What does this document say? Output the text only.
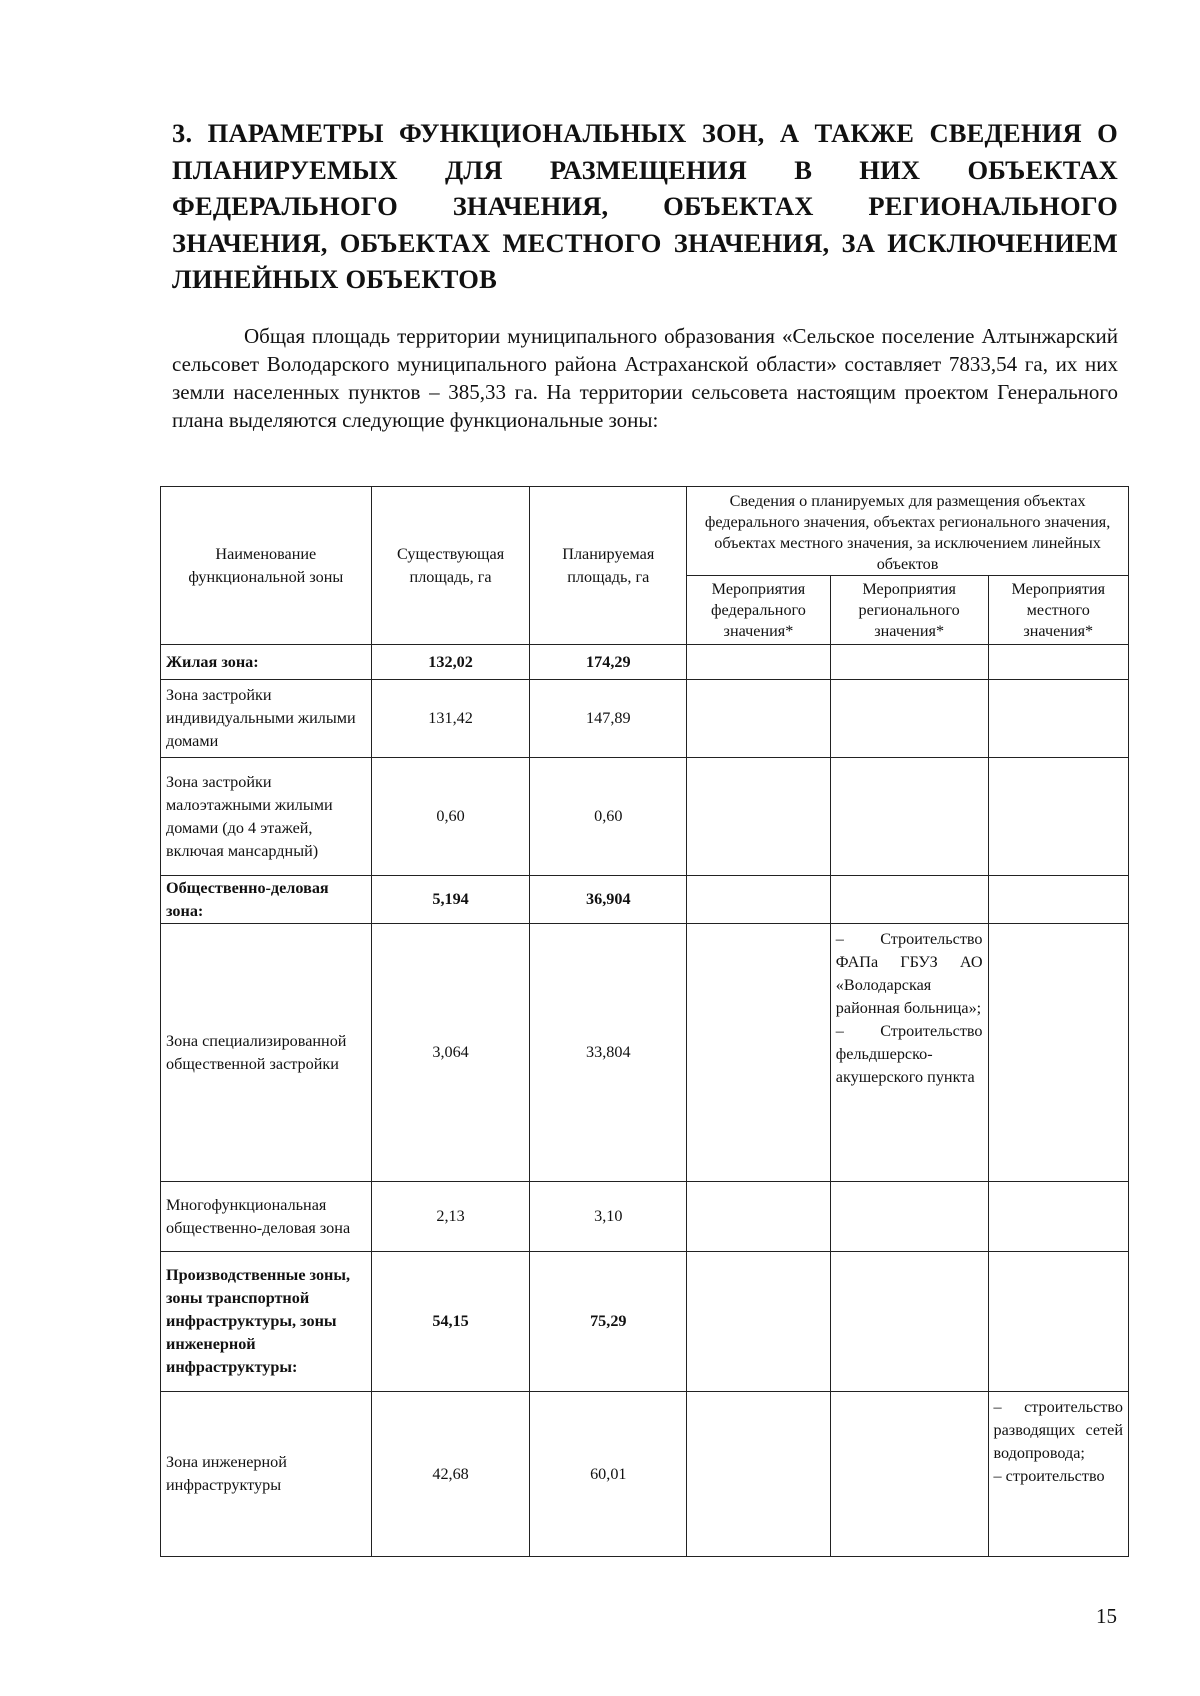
3. ПАРАМЕТРЫ ФУНКЦИОНАЛЬНЫХ ЗОН, А ТАКЖЕ СВЕДЕНИЯ О ПЛАНИРУЕМЫХ ДЛЯ РАЗМЕЩЕНИЯ В НИХ ОБЪЕКТАХ ФЕДЕРАЛЬНОГО ЗНАЧЕНИЯ, ОБЪЕКТАХ РЕГИОНАЛЬНОГО ЗНАЧЕНИЯ, ОБЪЕКТАХ МЕСТНОГО ЗНАЧЕНИЯ, ЗА ИСКЛЮЧЕНИЕМ ЛИНЕЙНЫХ ОБЪЕКТОВ

Общая площадь территории муниципального образования «Сельское поселение Алтынжарский сельсовет Володарского муниципального района Астраханской области» составляет 7833,54 га, их них земли населенных пунктов – 385,33 га. На территории сельсовета настоящим проектом Генерального плана выделяются следующие функциональные зоны:

Наименование функциональной зоны	Существующая площадь, га	Планируемая площадь, га	Сведения о планируемых для размещения объектах федерального значения, объектах регионального значения, объектах местного значения, за исключением линейных объектов		
			Мероприятия федерального значения*	Мероприятия регионального значения*	Мероприятия местного значения*
Жилая зона:	132,02	174,29			
Зона застройки индивидуальными жилыми домами	131,42	147,89			
Зона застройки малоэтажными жилыми домами (до 4 этажей, включая мансардный)	0,60	0,60			
Общественно-деловая зона:	5,194	36,904			
Зона специализированной общественной застройки	3,064	33,804		– Строительство ФАПа ГБУЗ АО «Володарская районная больница»;
– Строительство фельдшерско-акушерского пункта	

Многофункциональная общественно-деловая зона	2,13	3,10			
Производственные зоны, зоны транспортной инфраструктуры, зоны инженерной инфраструктуры:	54,15	75,29			
Зона инженерной инфраструктуры	42,68	60,01			– строительство разводящих сетей водопровода;
– строительство
15
